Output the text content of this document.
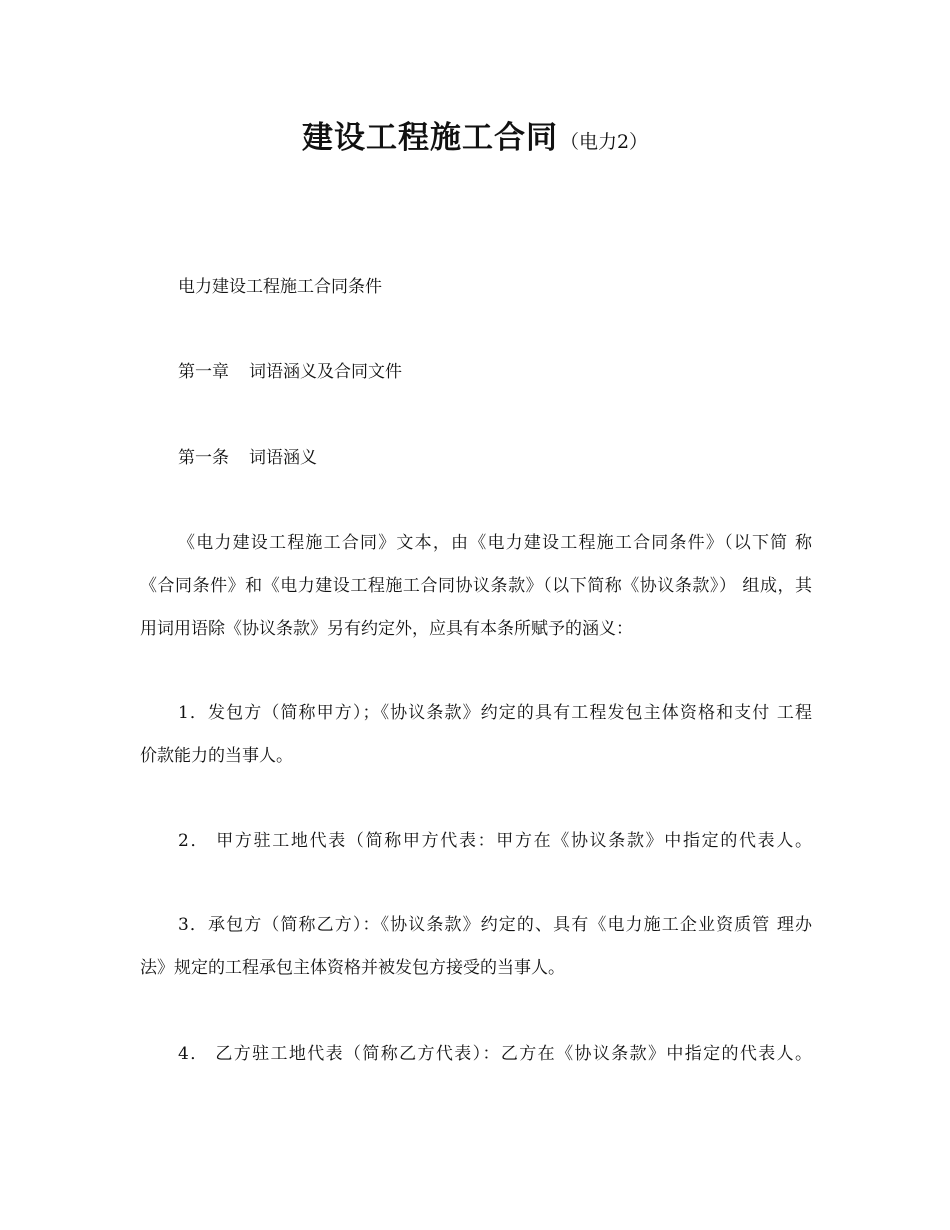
建设工程施工合同 （电力2）
电力建设工程施工合同条件
第一章 词语涵义及合同文件
第一条 词语涵义
《电力建设工程施工合同》文本，由《电力建设工程施工合同条件》（以下简 称
《合同条件》和《电力建设工程施工合同协议条款》（以下简称《协议条款》） 组成，其
用词用语除《协议条款》另有约定外，应具有本条所赋予的涵义：
1．发包方（简称甲方）；《协议条款》约定的具有工程发包主体资格和支付 工程
价款能力的当事人。
2． 甲方驻工地代表（简称甲方代表：甲方在《协议条款》中指定的代表人。
3．承包方（简称乙方）：《协议条款》约定的、具有《电力施工企业资质管 理办
法》规定的工程承包主体资格并被发包方接受的当事人。
4． 乙方驻工地代表（简称乙方代表）：乙方在《协议条款》中指定的代表人。
